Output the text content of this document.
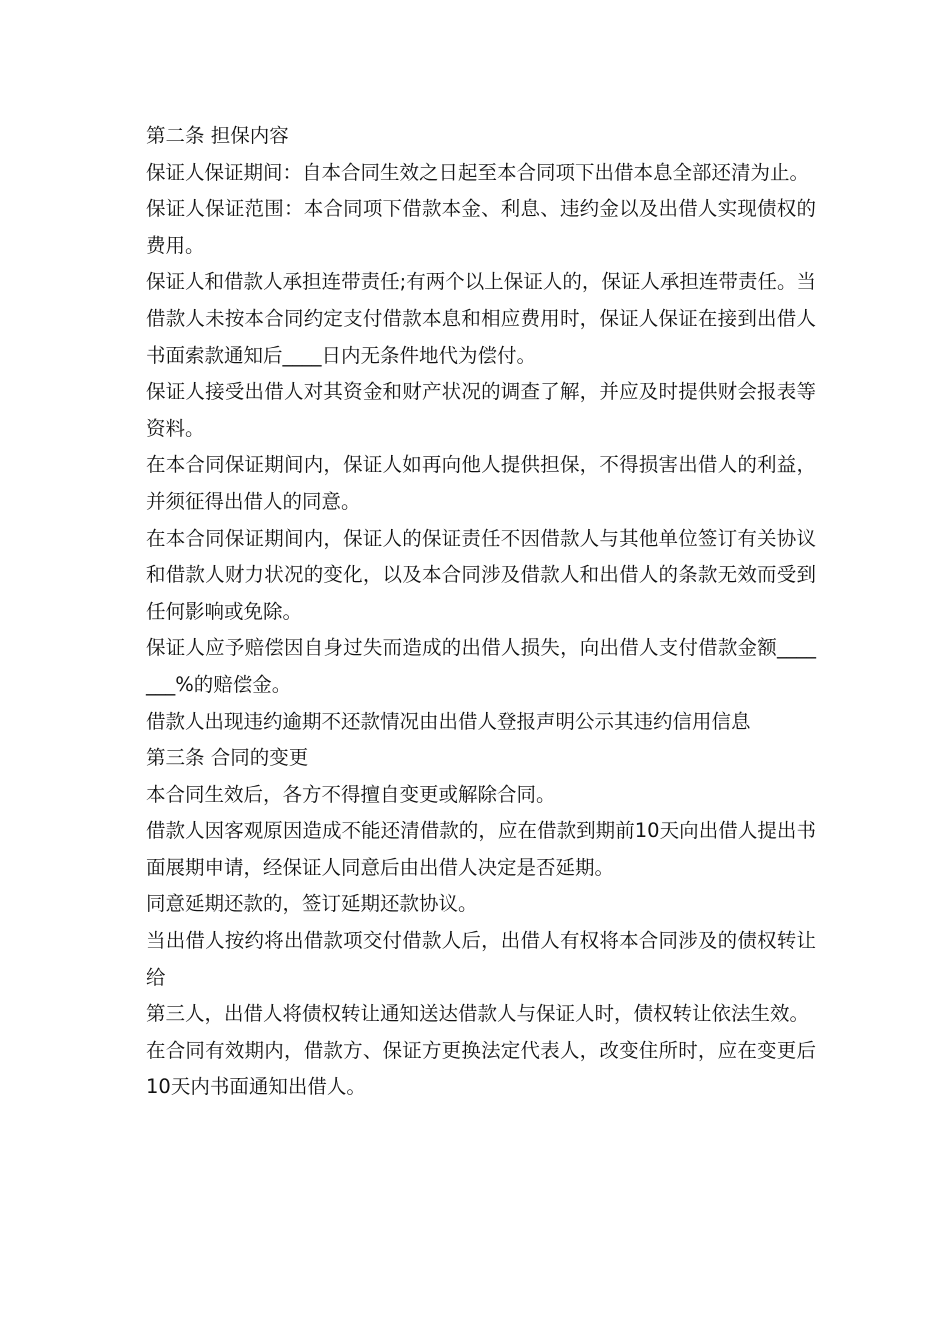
第二条 担保内容

保证人保证期间：自本合同生效之日起至本合同项下出借本息全部还清为止。

保证人保证范围：本合同项下借款本金、利息、违约金以及出借人实现债权的费用。

保证人和借款人承担连带责任;有两个以上保证人的，保证人承担连带责任。当借款人未按本合同约定支付借款本息和相应费用时，保证人保证在接到出借人书面索款通知后____日内无条件地代为偿付。

保证人接受出借人对其资金和财产状况的调查了解，并应及时提供财会报表等资料。

在本合同保证期间内，保证人如再向他人提供担保，不得损害出借人的利益，并须征得出借人的同意。

在本合同保证期间内，保证人的保证责任不因借款人与其他单位签订有关协议和借款人财力状况的变化，以及本合同涉及借款人和出借人的条款无效而受到任何影响或免除。

保证人应予赔偿因自身过失而造成的出借人损失，向出借人支付借款金额_______%的赔偿金。

借款人出现违约逾期不还款情况由出借人登报声明公示其违约信用信息

第三条 合同的变更

本合同生效后，各方不得擅自变更或解除合同。

借款人因客观原因造成不能还清借款的，应在借款到期前10天向出借人提出书面展期申请，经保证人同意后由出借人决定是否延期。

同意延期还款的，签订延期还款协议。

当出借人按约将出借款项交付借款人后，出借人有权将本合同涉及的债权转让给

第三人，出借人将债权转让通知送达借款人与保证人时，债权转让依法生效。

在合同有效期内，借款方、保证方更换法定代表人，改变住所时，应在变更后10天内书面通知出借人。
